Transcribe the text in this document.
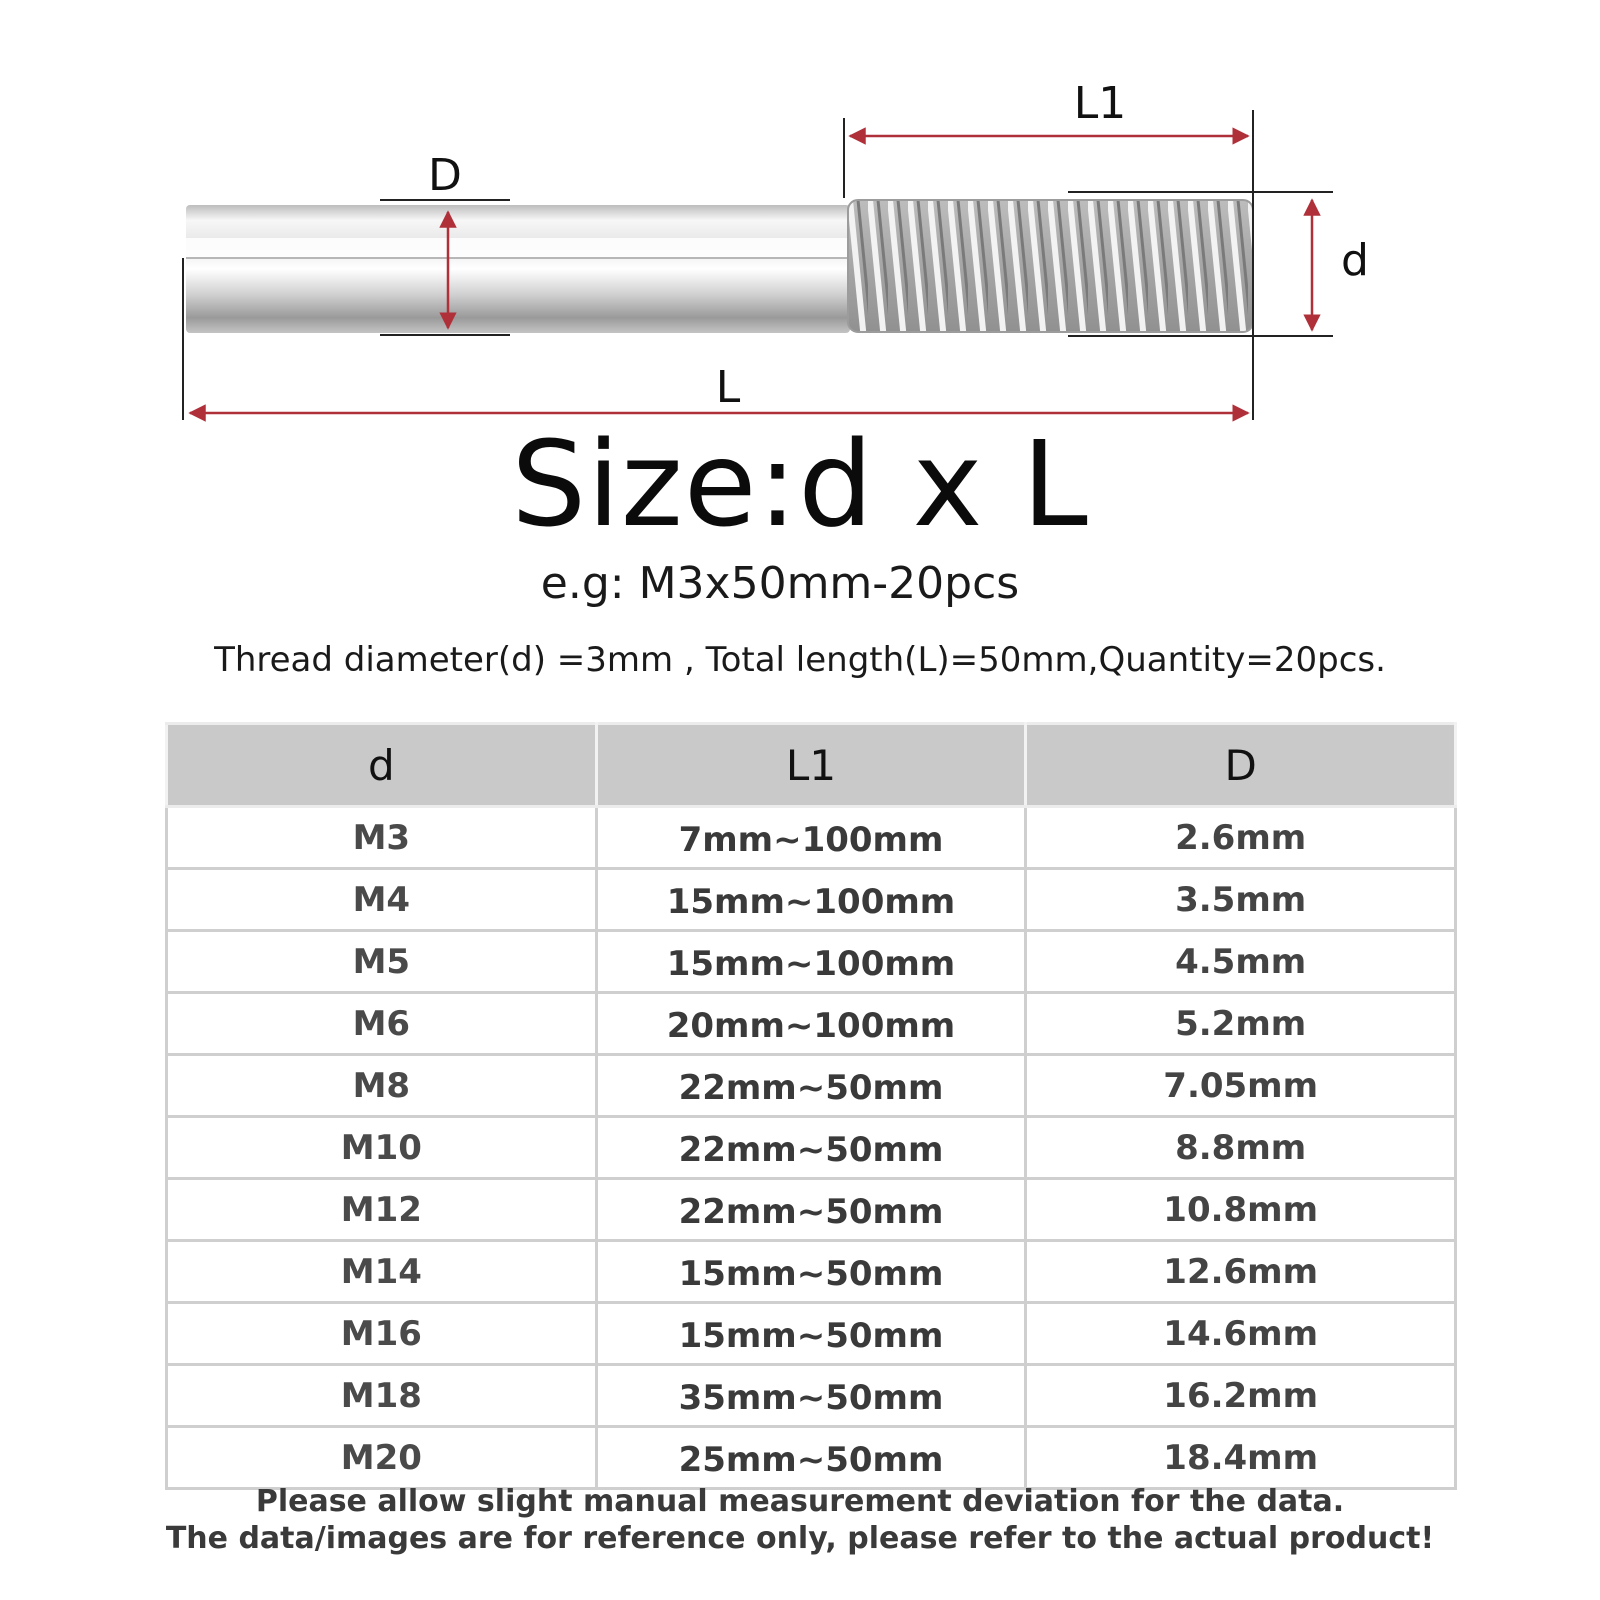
L1
D
d
L
Size:d x L
e.g: M3x50mm-20pcs
Thread diameter(d) =3mm , Total length(L)=50mm,Quantity=20pcs.
d	L1	D
M3	7mm~100mm	2.6mm
M4	15mm~100mm	3.5mm
M5	15mm~100mm	4.5mm
M6	20mm~100mm	5.2mm
M8	22mm~50mm	7.05mm
M10	22mm~50mm	8.8mm
M12	22mm~50mm	10.8mm
M14	15mm~50mm	12.6mm
M16	15mm~50mm	14.6mm
M18	35mm~50mm	16.2mm
M20	25mm~50mm	18.4mm
Please allow slight manual measurement deviation for the data.
The data/images are for reference only, please refer to the actual product!
